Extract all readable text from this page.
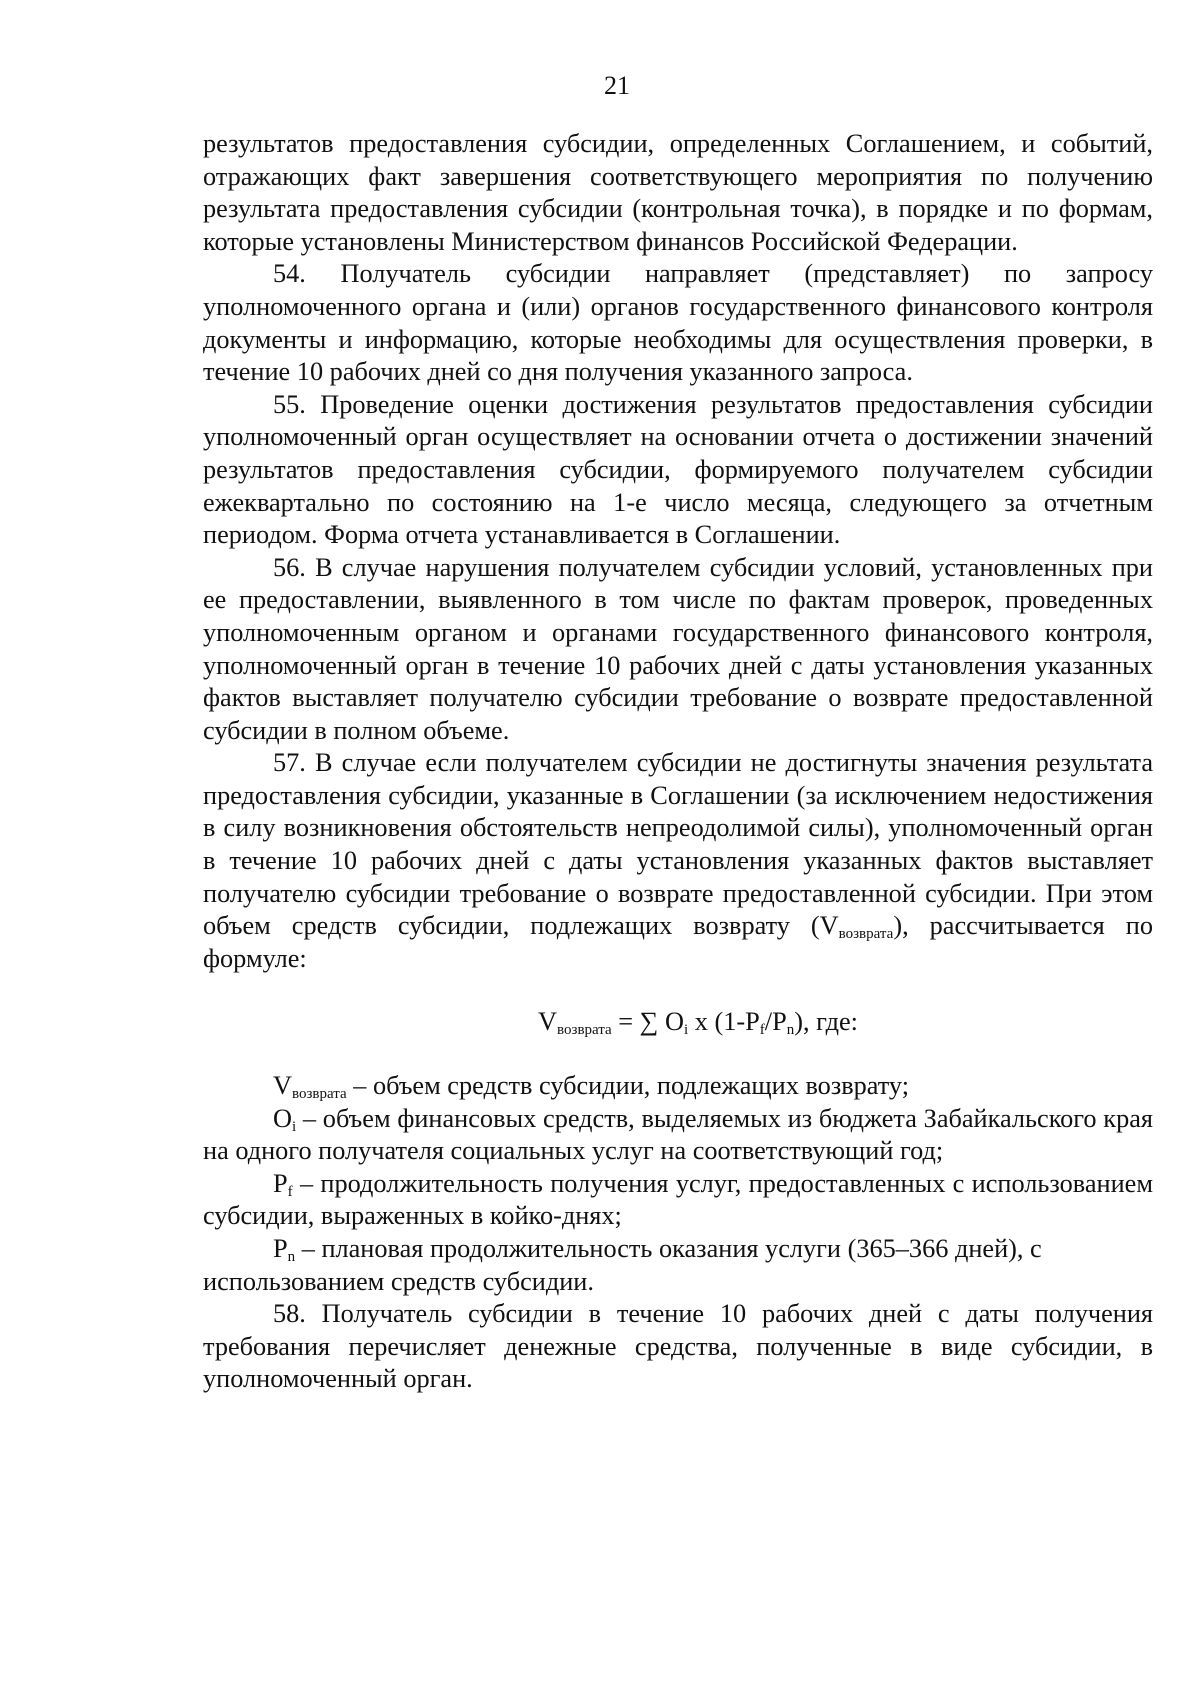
21

результатов предоставления субсидии, определенных Соглашением, и событий, отражающих факт завершения соответствующего мероприятия по получению результата предоставления субсидии (контрольная точка), в порядке и по формам, которые установлены Министерством финансов Российской Федерации.

54. Получатель субсидии направляет (представляет) по запросу уполномоченного органа и (или) органов государственного финансового контроля документы и информацию, которые необходимы для осуществления проверки, в течение 10 рабочих дней со дня получения указанного запроса.

55. Проведение оценки достижения результатов предоставления субсидии уполномоченный орган осуществляет на основании отчета о достижении значений результатов предоставления субсидии, формируемого получателем субсидии ежеквартально по состоянию на 1-е число месяца, следующего за отчетным периодом. Форма отчета устанавливается в Соглашении.

56. В случае нарушения получателем субсидии условий, установленных при ее предоставлении, выявленного в том числе по фактам проверок, проведенных уполномоченным органом и органами государственного финансового контроля, уполномоченный орган в течение 10 рабочих дней с даты установления указанных фактов выставляет получателю субсидии требование о возврате предоставленной субсидии в полном объеме.

57. В случае если получателем субсидии не достигнуты значения результата предоставления субсидии, указанные в Соглашении (за исключением недостижения в силу возникновения обстоятельств непреодолимой силы), уполномоченный орган в течение 10 рабочих дней с даты установления указанных фактов выставляет получателю субсидии требование о возврате предоставленной субсидии. При этом объем средств субсидии, подлежащих возврату $(V_{возврата})$, рассчитывается по формуле:

$V_{возврата}$ = ∑ $O_i$ x $(1-P_f/P_n)$, где:

$V_{возврата}$ – объем средств субсидии, подлежащих возврату;

$O_i$ – объем финансовых средств, выделяемых из бюджета Забайкальского края на одного получателя социальных услуг на соответствующий год;

$P_f$ – продолжительность получения услуг, предоставленных с использованием субсидии, выраженных в койко-днях;

$P_n$ – плановая продолжительность оказания услуги (365–366 дней), с использованием средств субсидии.

58. Получатель субсидии в течение 10 рабочих дней с даты получения требования перечисляет денежные средства, полученные в виде субсидии, в уполномоченный орган.
